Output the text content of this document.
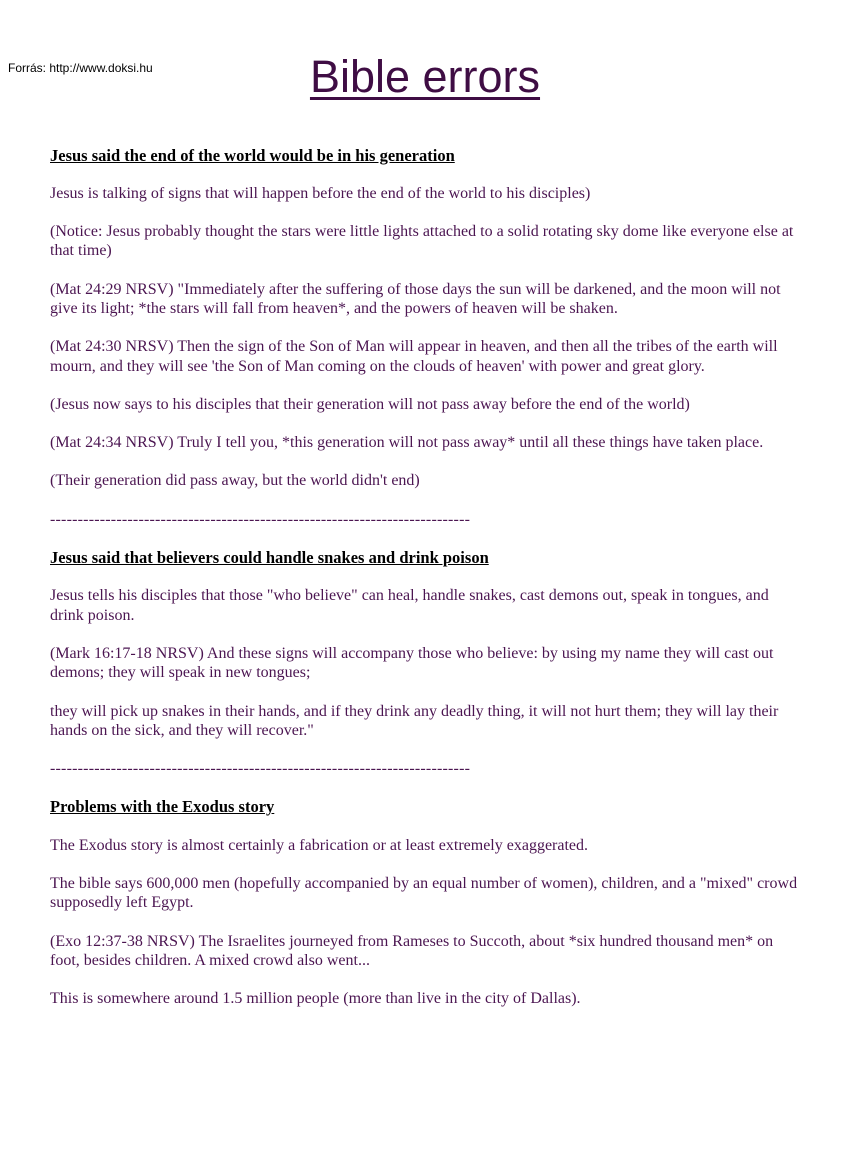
Forrás: http://www.doksi.hu	Bible errors
Jesus said the end of the world would be in his generation

Jesus is talking of signs that will happen before the end of the world to his disciples)

(Notice: Jesus probably thought the stars were little lights attached to a solid rotating sky dome like everyone else at that time)

(Mat 24:29 NRSV) "Immediately after the suffering of those days the sun will be darkened, and the moon will not give its light; *the stars will fall from heaven*, and the powers of heaven will be shaken.

(Mat 24:30 NRSV) Then the sign of the Son of Man will appear in heaven, and then all the tribes of the earth will mourn, and they will see 'the Son of Man coming on the clouds of heaven' with power and great glory.

(Jesus now says to his disciples that their generation will not pass away before the end of the world)

(Mat 24:34 NRSV) Truly I tell you, *this generation will not pass away* until all these things have taken place.

(Their generation did pass away, but the world didn't end)

----------------------------------------------------------------------------

Jesus said that believers could handle snakes and drink poison

Jesus tells his disciples that those "who believe" can heal, handle snakes, cast demons out, speak in tongues, and drink poison.

(Mark 16:17-18 NRSV) And these signs will accompany those who believe: by using my name they will cast out demons; they will speak in new tongues;

they will pick up snakes in their hands, and if they drink any deadly thing, it will not hurt them; they will lay their hands on the sick, and they will recover."

----------------------------------------------------------------------------

Problems with the Exodus story

The Exodus story is almost certainly a fabrication or at least extremely exaggerated.

The bible says 600,000 men (hopefully accompanied by an equal number of women), children, and a "mixed" crowd supposedly left Egypt.

(Exo 12:37-38 NRSV) The Israelites journeyed from Rameses to Succoth, about *six hundred thousand men* on foot, besides children. A mixed crowd also went...

This is somewhere around 1.5 million people (more than live in the city of Dallas).
